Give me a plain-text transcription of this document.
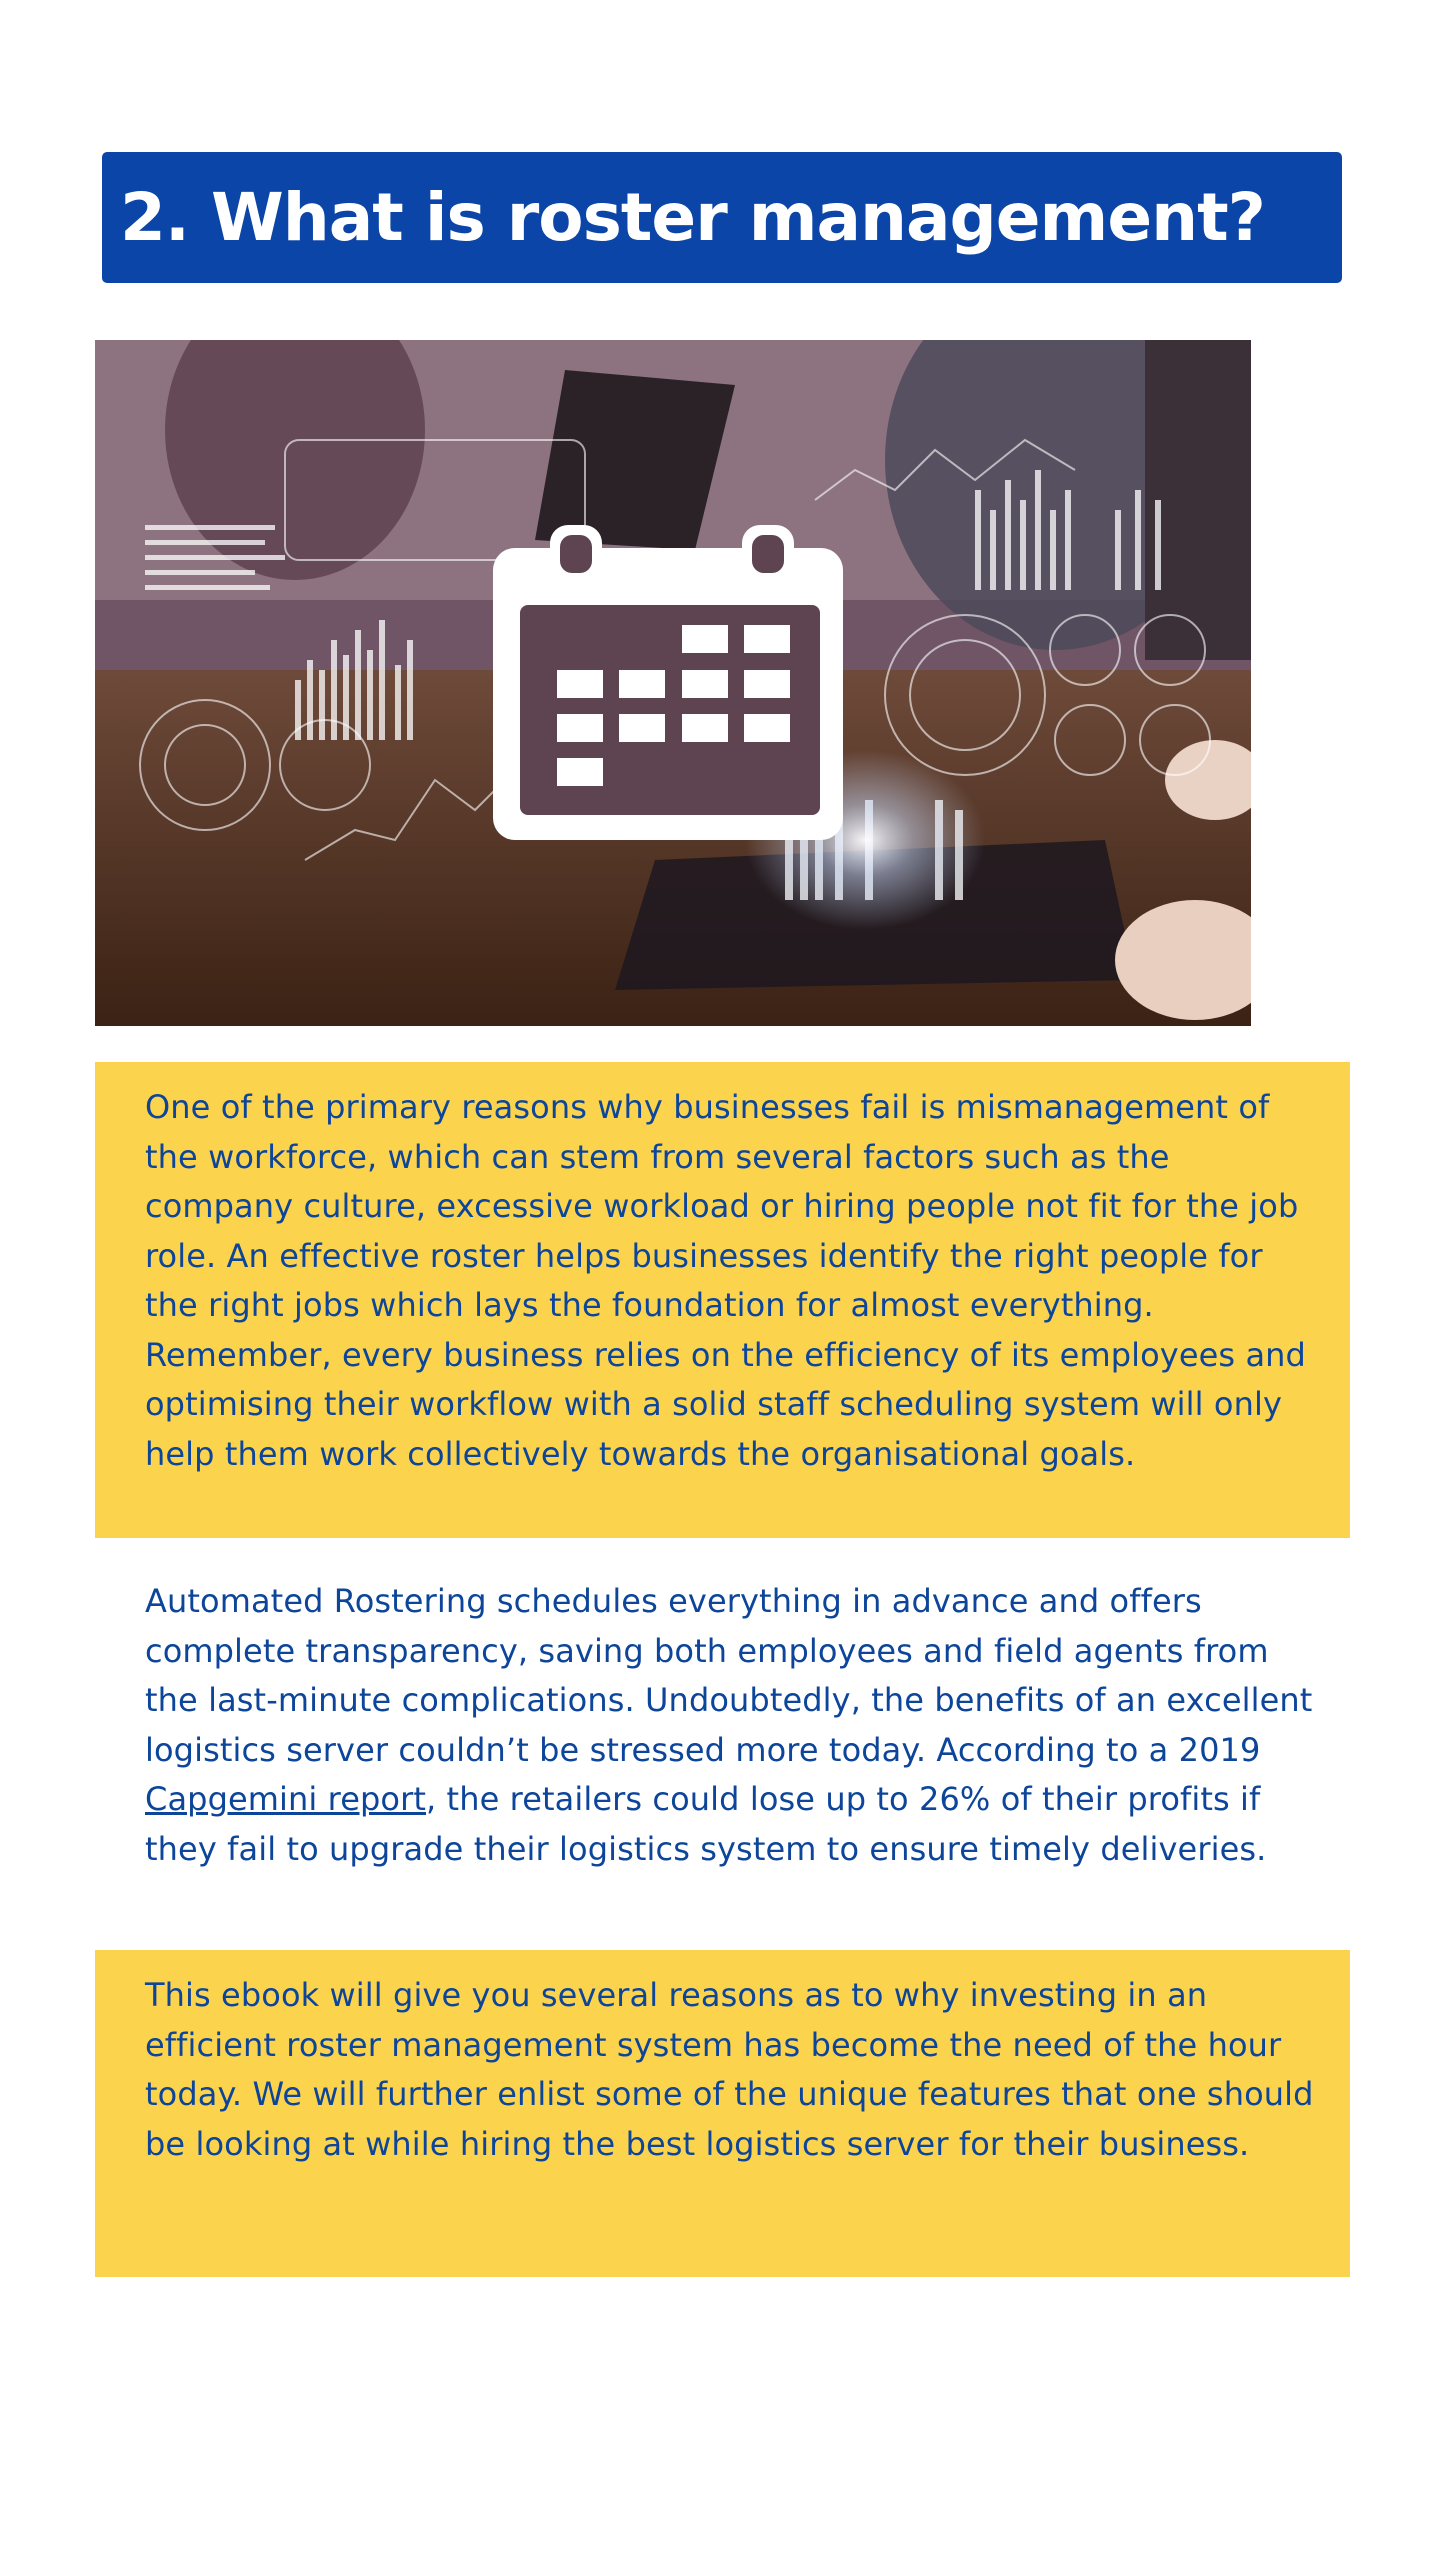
2. What is roster management?

One of the primary reasons why businesses fail is mismanagement of the workforce, which can stem from several factors such as the company culture, excessive workload or hiring people not fit for the job role. An effective roster helps businesses identify the right people for the right jobs which lays the foundation for almost everything. Remember, every business relies on the efficiency of its employees and optimising their workflow with a solid staff scheduling system will only help them work collectively towards the organisational goals.

Automated Rostering schedules everything in advance and offers complete transparency, saving both employees and field agents from the last-minute complications. Undoubtedly, the benefits of an excellent logistics server couldn’t be stressed more today. According to a 2019 Capgemini report, the retailers could lose up to 26% of their profits if they fail to upgrade their logistics system to ensure timely deliveries.

This ebook will give you several reasons as to why investing in an efficient roster management system has become the need of the hour today. We will further enlist some of the unique features that one should be looking at while hiring the best logistics server for their business.
